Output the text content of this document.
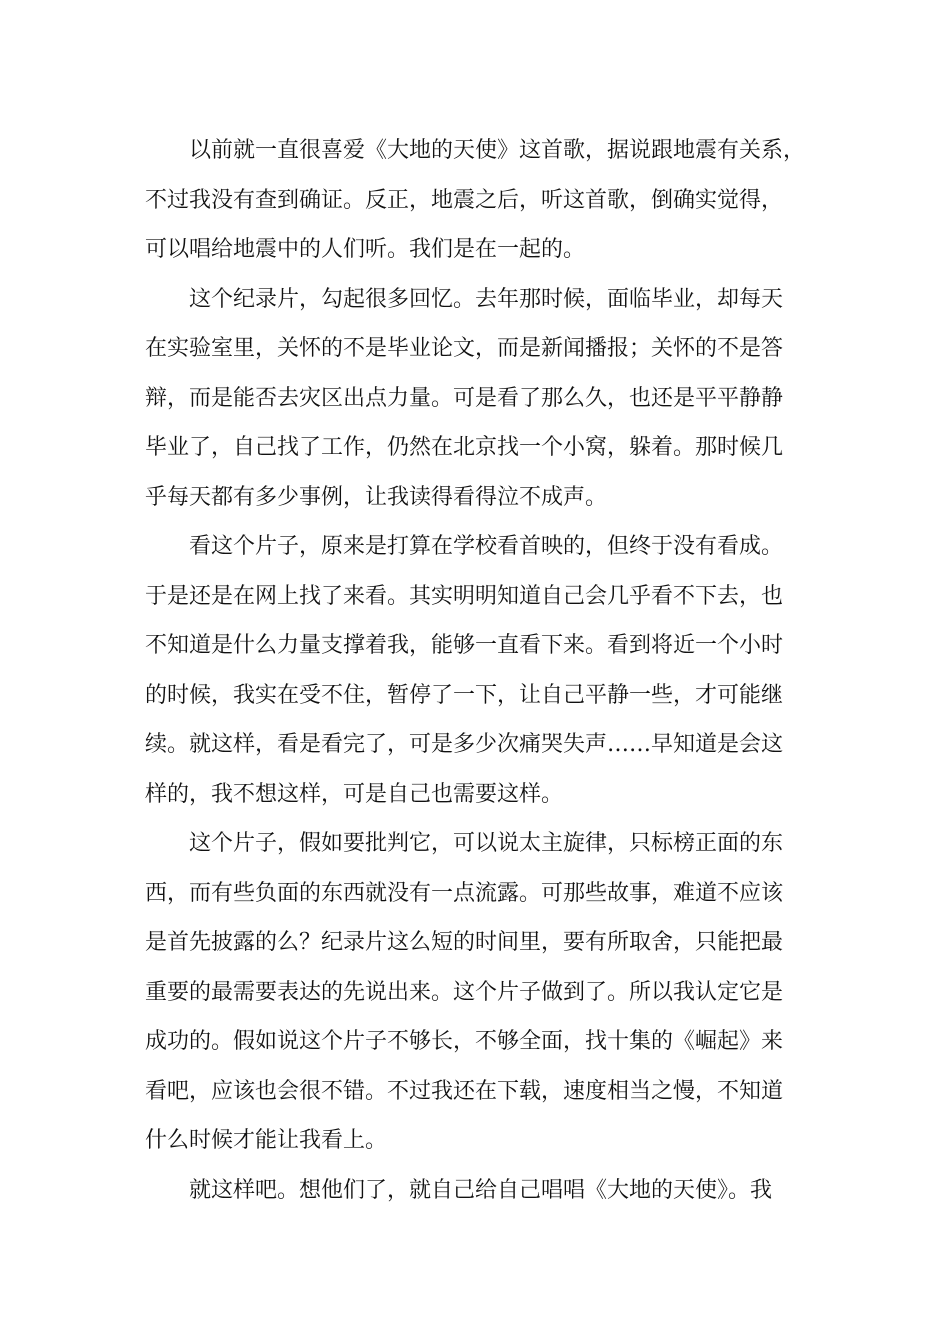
以前就一直很喜爱《大地的天使》这首歌，据说跟地震有关系，
不过我没有查到确证。反正，地震之后，听这首歌，倒确实觉得，
可以唱给地震中的人们听。我们是在一起的。

这个纪录片，勾起很多回忆。去年那时候，面临毕业，却每天
在实验室里，关怀的不是毕业论文，而是新闻播报；关怀的不是答
辩，而是能否去灾区出点力量。可是看了那么久，也还是平平静静
毕业了，自己找了工作，仍然在北京找一个小窝，躲着。那时候几
乎每天都有多少事例，让我读得看得泣不成声。

看这个片子，原来是打算在学校看首映的，但终于没有看成。
于是还是在网上找了来看。其实明明知道自己会几乎看不下去，也
不知道是什么力量支撑着我，能够一直看下来。看到将近一个小时
的时候，我实在受不住，暂停了一下，让自己平静一些，才可能继
续。就这样，看是看完了，可是多少次痛哭失声……早知道是会这
样的，我不想这样，可是自己也需要这样。

这个片子，假如要批判它，可以说太主旋律，只标榜正面的东
西，而有些负面的东西就没有一点流露。可那些故事，难道不应该
是首先披露的么？纪录片这么短的时间里，要有所取舍，只能把最
重要的最需要表达的先说出来。这个片子做到了。所以我认定它是
成功的。假如说这个片子不够长，不够全面，找十集的《崛起》来
看吧，应该也会很不错。不过我还在下载，速度相当之慢，不知道
什么时候才能让我看上。

就这样吧。想他们了，就自己给自己唱唱《大地的天使》。我
